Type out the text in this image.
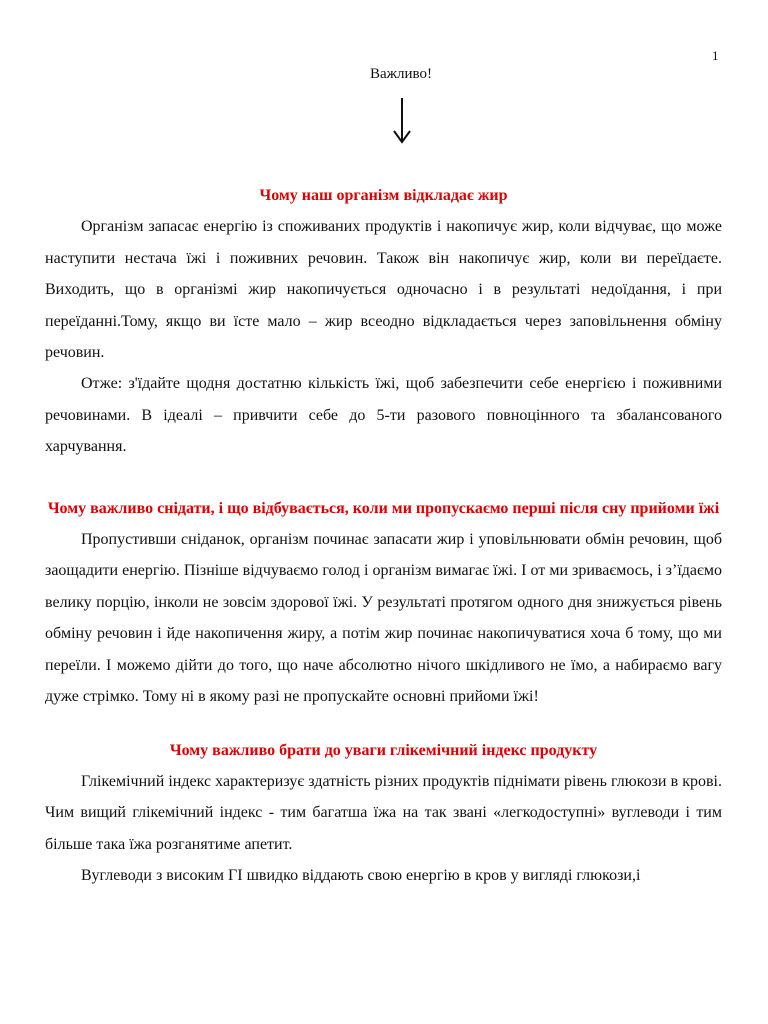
1
Важливо!
Чому наш організм відкладає жир

Організм запасає енергію із споживаних продуктів і накопичує жир, коли відчуває, що може наступити нестача їжі і поживних речовин. Також він накопичує жир, коли ви переїдаєте. Виходить, що в організмі жир накопичується одночасно і в результаті недоїдання, і при переїданні.Тому, якщо ви їсте мало – жир всеодно відкладається через заповільнення обміну речовин.

Отже: з'їдайте щодня достатню кількість їжі, щоб забезпечити себе енергією і поживними речовинами. В ідеалі – привчити себе до 5-ти разового повноцінного та збалансованого харчування.

Чому важливо снідати, і що відбувається, коли ми пропускаємо перші після сну прийоми їжі

Пропустивши сніданок, організм починає запасати жир і уповільнювати обмін речовин, щоб заощадити енергію. Пізніше відчуваємо голод і організм вимагає їжі. І от ми зриваємось, і з’їдаємо велику порцію, інколи не зовсім здорової їжі. У результаті протягом одного дня знижується рівень обміну речовин і йде накопичення жиру, а потім жир починає накопичуватися хоча б тому, що ми переїли. І можемо дійти до того, що наче абсолютно нічого шкідливого не їмо, а набираємо вагу дуже стрімко. Тому ні в якому разі не пропускайте основні прийоми їжі!

Чому важливо брати до уваги глікемічний індекс продукту

Глікемічний індекс характеризує здатність різних продуктів піднімати рівень глюкози в крові. Чим вищий глікемічний індекс - тим багатша їжа на так звані «легкодоступні» вуглеводи і тим більше така їжа розганятиме апетит.

Вуглеводи з високим ГІ швидко віддають свою енергію в кров у вигляді глюкози,і
